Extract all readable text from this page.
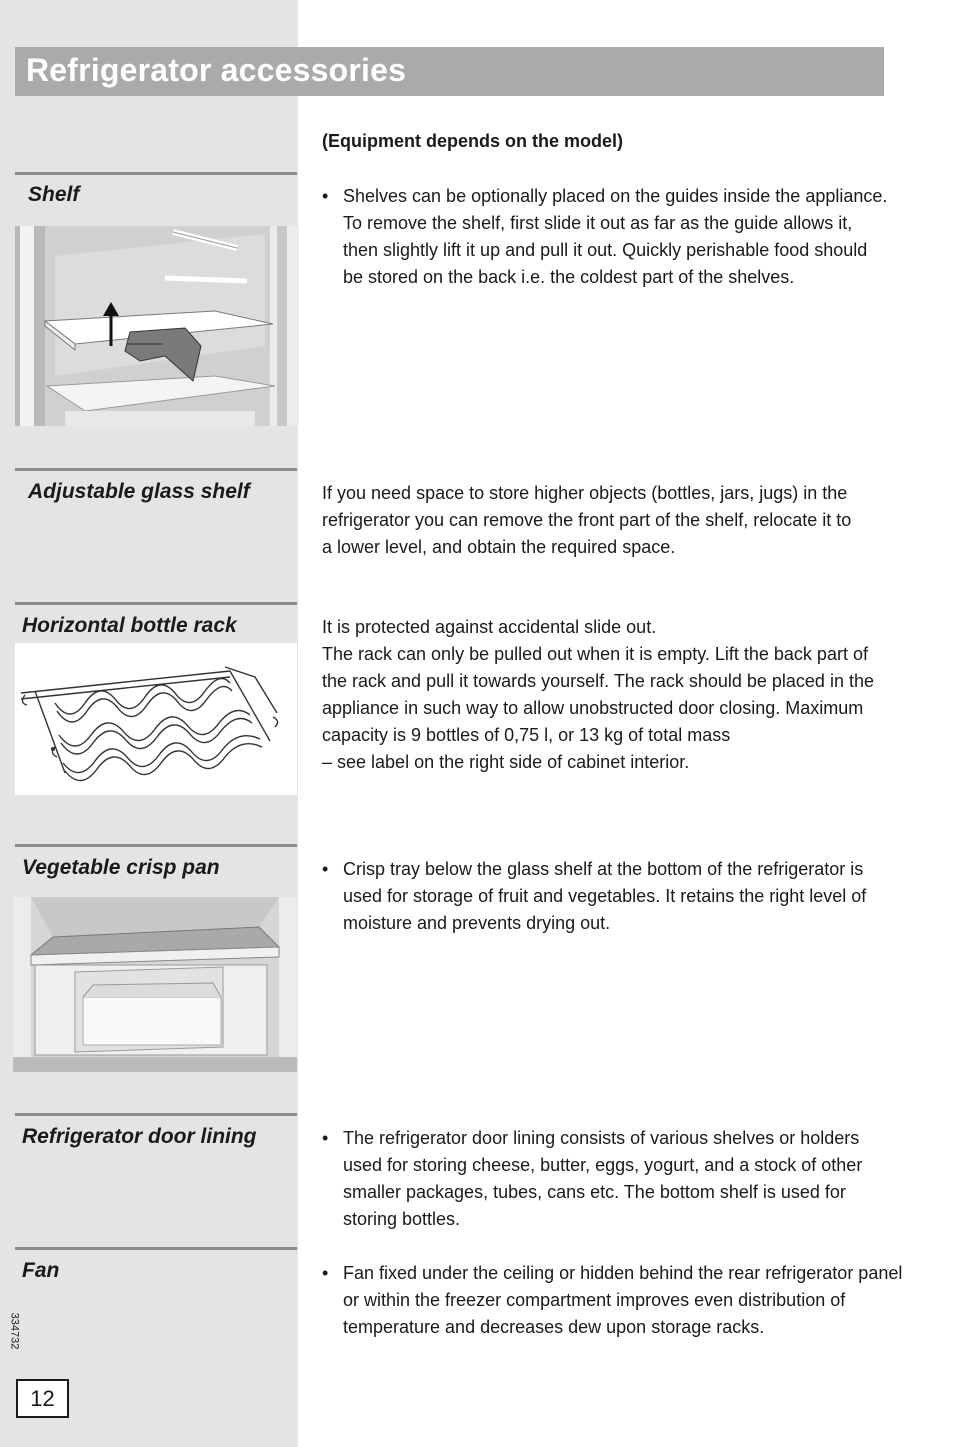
Refrigerator accessories
(Equipment depends on the model)
Shelf	• Shelves can be optionally placed on the guides inside the appliance. To remove the shelf, first slide it out as far as the guide allows it, then slightly lift it up and pull it out. Quickly perishable food should be stored on the back i.e. the coldest part of the shelves.
Adjustable glass shelf	If you need space to store higher objects (bottles, jars, jugs) in the refrigerator you can remove the front part of the shelf, relocate it to a lower level, and obtain the required space.
Horizontal bottle rack	It is protected against accidental slide out.
The rack can only be pulled out when it is empty. Lift the back part of the rack and pull it towards yourself. The rack should be placed in the appliance in such way to allow unobstructed door closing. Maximum capacity is 9 bottles of 0,75 l, or 13 kg of total mass
– see label on the right side of cabinet interior.
Vegetable crisp pan	• Crisp tray below the glass shelf at the bottom of the refrigerator is used for storage of fruit and vegetables. It retains the right level of moisture and prevents drying out.
Refrigerator door lining	• The refrigerator door lining consists of various shelves or holders used for storing cheese, butter, eggs, yogurt, and a stock of other smaller packages, tubes, cans etc. The bottom shelf is used for storing bottles.
Fan	• Fan fixed under the ceiling or hidden behind the rear refrigerator panel or within the freezer compartment improves even distribution of temperature and decreases dew upon storage racks.
334732
12
